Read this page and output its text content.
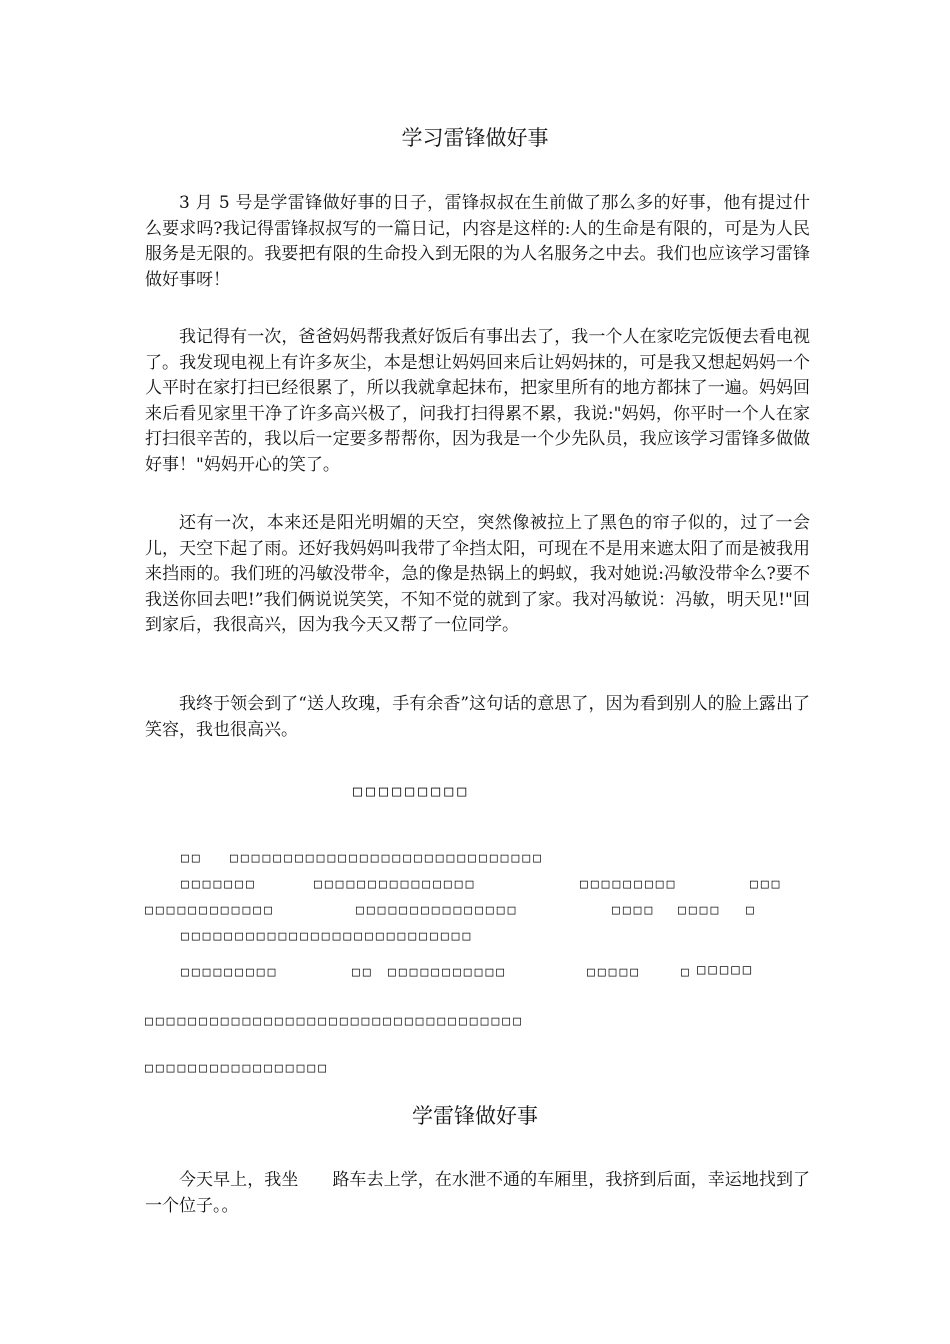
学习雷锋做好事

3 月 5 号是学雷锋做好事的日子，雷锋叔叔在生前做了那么多的好事，他有提过什么要求吗?我记得雷锋叔叔写的一篇日记，内容是这样的:人的生命是有限的，可是为人民服务是无限的。我要把有限的生命投入到无限的为人名服务之中去。我们也应该学习雷锋做好事呀！

我记得有一次，爸爸妈妈帮我煮好饭后有事出去了，我一个人在家吃完饭便去看电视了。我发现电视上有许多灰尘，本是想让妈妈回来后让妈妈抹的，可是我又想起妈妈一个人平时在家打扫已经很累了，所以我就拿起抹布，把家里所有的地方都抹了一遍。妈妈回来后看见家里干净了许多高兴极了，问我打扫得累不累，我说:"妈妈，你平时一个人在家打扫很辛苦的，我以后一定要多帮帮你，因为我是一个少先队员，我应该学习雷锋多做做好事！"妈妈开心的笑了。

还有一次，本来还是阳光明媚的天空，突然像被拉上了黑色的帘子似的，过了一会儿，天空下起了雨。还好我妈妈叫我带了伞挡太阳，可现在不是用来遮太阳了而是被我用来挡雨的。我们班的冯敏没带伞，急的像是热锅上的蚂蚁，我对她说:冯敏没带伞么?要不我送你回去吧!”我们俩说说笑笑，不知不觉的就到了家。我对冯敏说：冯敏，明天见!"回到家后，我很高兴，因为我今天又帮了一位同学。

我终于领会到了“送人玫瑰，手有余香”这句话的意思了，因为看到别人的脸上露出了笑容，我也很高兴。

□□□□□□□□□
□□ □□□□□□□□□□□□□□□□□□□□□□□□□□□□□
□□□□□□□	□□□□□□□□□□□□□□□	□□□□□□□□□	□□□
□□□□□□□□□□□□	□□□□□□□□□□□□□□□	□□□□ □□□□ □
□□□□□□□□□□□□□□□□□□□□□□□□□□□
□□□□□□□□□	□□ □□□□□□□□□□□	□□□□□	□ □□□□□
□□□□□□□□□□□□□□□□□□□□□□□□□□□□□□□□□□□
□□□□□□□□□□□□□□□□□
学雷锋做好事

今天早上，我坐　　路车去上学，在水泄不通的车厢里，我挤到后面，幸运地找到了一个位子。。
